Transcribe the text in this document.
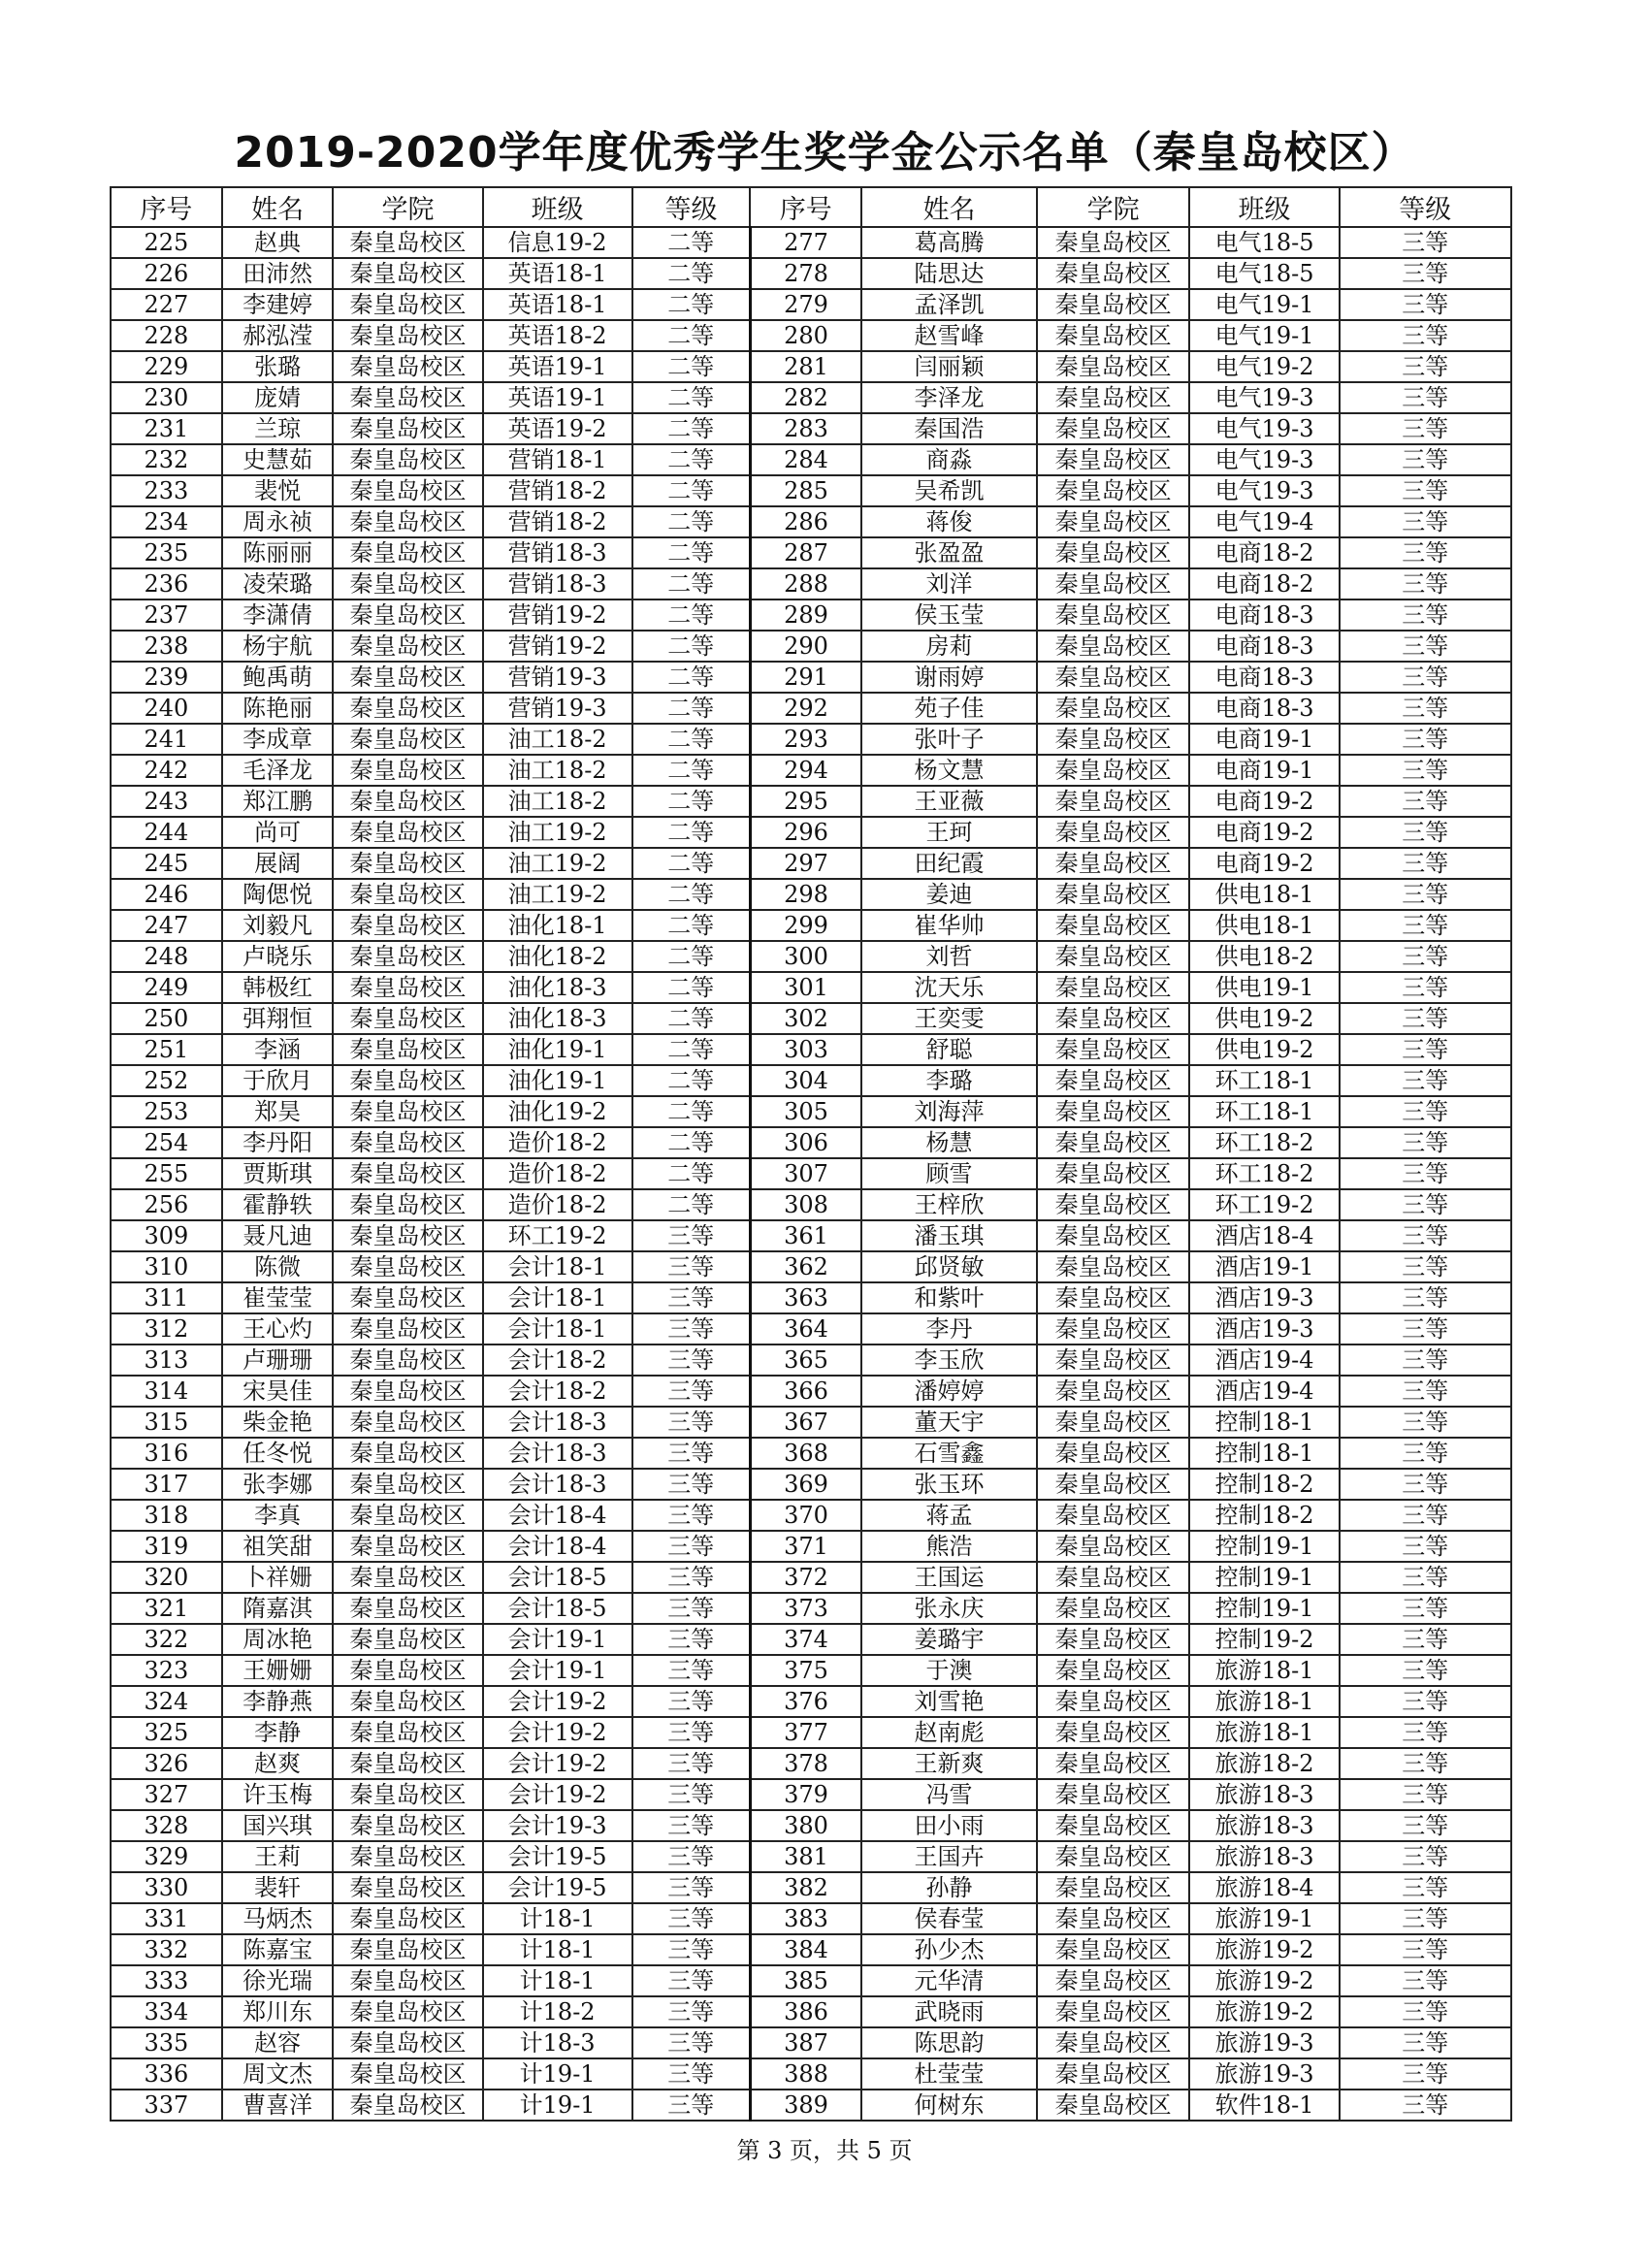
2019-2020学年度优秀学生奖学金公示名单（秦皇岛校区）
序号	姓名	学院	班级	等级	序号	姓名	学院	班级	等级
225	赵典	秦皇岛校区	信息19-2	二等	277	葛高腾	秦皇岛校区	电气18-5	三等
226	田沛然	秦皇岛校区	英语18-1	二等	278	陆思达	秦皇岛校区	电气18-5	三等
227	李建婷	秦皇岛校区	英语18-1	二等	279	孟泽凯	秦皇岛校区	电气19-1	三等
228	郝泓滢	秦皇岛校区	英语18-2	二等	280	赵雪峰	秦皇岛校区	电气19-1	三等
229	张璐	秦皇岛校区	英语19-1	二等	281	闫丽颖	秦皇岛校区	电气19-2	三等
230	庞婧	秦皇岛校区	英语19-1	二等	282	李泽龙	秦皇岛校区	电气19-3	三等
231	兰琼	秦皇岛校区	英语19-2	二等	283	秦国浩	秦皇岛校区	电气19-3	三等
232	史慧茹	秦皇岛校区	营销18-1	二等	284	商淼	秦皇岛校区	电气19-3	三等
233	裴悦	秦皇岛校区	营销18-2	二等	285	吴希凯	秦皇岛校区	电气19-3	三等
234	周永祯	秦皇岛校区	营销18-2	二等	286	蒋俊	秦皇岛校区	电气19-4	三等
235	陈丽丽	秦皇岛校区	营销18-3	二等	287	张盈盈	秦皇岛校区	电商18-2	三等
236	凌荣璐	秦皇岛校区	营销18-3	二等	288	刘洋	秦皇岛校区	电商18-2	三等
237	李潇倩	秦皇岛校区	营销19-2	二等	289	侯玉莹	秦皇岛校区	电商18-3	三等
238	杨宇航	秦皇岛校区	营销19-2	二等	290	房莉	秦皇岛校区	电商18-3	三等
239	鲍禹萌	秦皇岛校区	营销19-3	二等	291	谢雨婷	秦皇岛校区	电商18-3	三等
240	陈艳丽	秦皇岛校区	营销19-3	二等	292	苑子佳	秦皇岛校区	电商18-3	三等
241	李成章	秦皇岛校区	油工18-2	二等	293	张叶子	秦皇岛校区	电商19-1	三等
242	毛泽龙	秦皇岛校区	油工18-2	二等	294	杨文慧	秦皇岛校区	电商19-1	三等
243	郑江鹏	秦皇岛校区	油工18-2	二等	295	王亚薇	秦皇岛校区	电商19-2	三等
244	尚可	秦皇岛校区	油工19-2	二等	296	王珂	秦皇岛校区	电商19-2	三等
245	展阔	秦皇岛校区	油工19-2	二等	297	田纪霞	秦皇岛校区	电商19-2	三等
246	陶偲悦	秦皇岛校区	油工19-2	二等	298	姜迪	秦皇岛校区	供电18-1	三等
247	刘毅凡	秦皇岛校区	油化18-1	二等	299	崔华帅	秦皇岛校区	供电18-1	三等
248	卢晓乐	秦皇岛校区	油化18-2	二等	300	刘哲	秦皇岛校区	供电18-2	三等
249	韩极红	秦皇岛校区	油化18-3	二等	301	沈天乐	秦皇岛校区	供电19-1	三等
250	弭翔恒	秦皇岛校区	油化18-3	二等	302	王奕雯	秦皇岛校区	供电19-2	三等
251	李涵	秦皇岛校区	油化19-1	二等	303	舒聪	秦皇岛校区	供电19-2	三等
252	于欣月	秦皇岛校区	油化19-1	二等	304	李璐	秦皇岛校区	环工18-1	三等
253	郑昊	秦皇岛校区	油化19-2	二等	305	刘海萍	秦皇岛校区	环工18-1	三等
254	李丹阳	秦皇岛校区	造价18-2	二等	306	杨慧	秦皇岛校区	环工18-2	三等
255	贾斯琪	秦皇岛校区	造价18-2	二等	307	顾雪	秦皇岛校区	环工18-2	三等
256	霍静轶	秦皇岛校区	造价18-2	二等	308	王梓欣	秦皇岛校区	环工19-2	三等
309	聂凡迪	秦皇岛校区	环工19-2	三等	361	潘玉琪	秦皇岛校区	酒店18-4	三等
310	陈微	秦皇岛校区	会计18-1	三等	362	邱贤敏	秦皇岛校区	酒店19-1	三等
311	崔莹莹	秦皇岛校区	会计18-1	三等	363	和紫叶	秦皇岛校区	酒店19-3	三等
312	王心灼	秦皇岛校区	会计18-1	三等	364	李丹	秦皇岛校区	酒店19-3	三等
313	卢珊珊	秦皇岛校区	会计18-2	三等	365	李玉欣	秦皇岛校区	酒店19-4	三等
314	宋昊佳	秦皇岛校区	会计18-2	三等	366	潘婷婷	秦皇岛校区	酒店19-4	三等
315	柴金艳	秦皇岛校区	会计18-3	三等	367	董天宇	秦皇岛校区	控制18-1	三等
316	任冬悦	秦皇岛校区	会计18-3	三等	368	石雪鑫	秦皇岛校区	控制18-1	三等
317	张李娜	秦皇岛校区	会计18-3	三等	369	张玉环	秦皇岛校区	控制18-2	三等
318	李真	秦皇岛校区	会计18-4	三等	370	蒋孟	秦皇岛校区	控制18-2	三等
319	祖笑甜	秦皇岛校区	会计18-4	三等	371	熊浩	秦皇岛校区	控制19-1	三等
320	卜祥姗	秦皇岛校区	会计18-5	三等	372	王国运	秦皇岛校区	控制19-1	三等
321	隋嘉淇	秦皇岛校区	会计18-5	三等	373	张永庆	秦皇岛校区	控制19-1	三等
322	周冰艳	秦皇岛校区	会计19-1	三等	374	姜璐宇	秦皇岛校区	控制19-2	三等
323	王姗姗	秦皇岛校区	会计19-1	三等	375	于澳	秦皇岛校区	旅游18-1	三等
324	李静燕	秦皇岛校区	会计19-2	三等	376	刘雪艳	秦皇岛校区	旅游18-1	三等
325	李静	秦皇岛校区	会计19-2	三等	377	赵南彪	秦皇岛校区	旅游18-1	三等
326	赵爽	秦皇岛校区	会计19-2	三等	378	王新爽	秦皇岛校区	旅游18-2	三等
327	许玉梅	秦皇岛校区	会计19-2	三等	379	冯雪	秦皇岛校区	旅游18-3	三等
328	国兴琪	秦皇岛校区	会计19-3	三等	380	田小雨	秦皇岛校区	旅游18-3	三等
329	王莉	秦皇岛校区	会计19-5	三等	381	王国卉	秦皇岛校区	旅游18-3	三等
330	裴轩	秦皇岛校区	会计19-5	三等	382	孙静	秦皇岛校区	旅游18-4	三等
331	马炳杰	秦皇岛校区	计18-1	三等	383	侯春莹	秦皇岛校区	旅游19-1	三等
332	陈嘉宝	秦皇岛校区	计18-1	三等	384	孙少杰	秦皇岛校区	旅游19-2	三等
333	徐光瑞	秦皇岛校区	计18-1	三等	385	元华清	秦皇岛校区	旅游19-2	三等
334	郑川东	秦皇岛校区	计18-2	三等	386	武晓雨	秦皇岛校区	旅游19-2	三等
335	赵容	秦皇岛校区	计18-3	三等	387	陈思韵	秦皇岛校区	旅游19-3	三等
336	周文杰	秦皇岛校区	计19-1	三等	388	杜莹莹	秦皇岛校区	旅游19-3	三等
337	曹喜洋	秦皇岛校区	计19-1	三等	389	何树东	秦皇岛校区	软件18-1	三等
第 3 页，共 5 页
